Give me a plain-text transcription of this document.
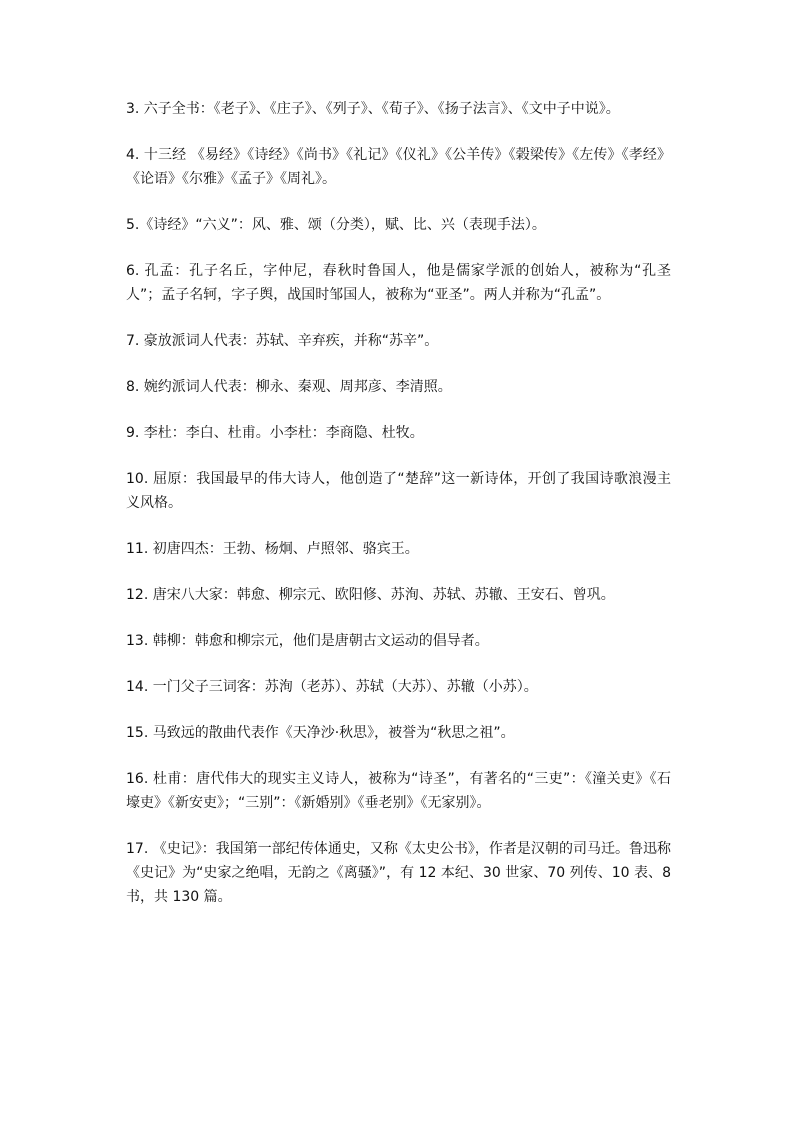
3. 六子全书：《老子》、《庄子》、《列子》、《荀子》、《扬子法言》、《文中子中说》。

4. 十三经 《易经》《诗经》《尚书》《礼记》《仪礼》《公羊传》《榖梁传》《左传》《孝经》《论语》《尔雅》《孟子》《周礼》。

5.《诗经》“六义”：风、雅、颂（分类），赋、比、兴（表现手法）。

6. 孔孟：孔子名丘，字仲尼，春秋时鲁国人，他是儒家学派的创始人，被称为“孔圣人”；孟子名轲，字子舆，战国时邹国人，被称为“亚圣”。两人并称为“孔孟”。

7. 豪放派词人代表：苏轼、辛弃疾，并称“苏辛”。

8. 婉约派词人代表：柳永、秦观、周邦彦、李清照。

9. 李杜：李白、杜甫。小李杜：李商隐、杜牧。

10. 屈原：我国最早的伟大诗人，他创造了“楚辞”这一新诗体，开创了我国诗歌浪漫主义风格。

11. 初唐四杰：王勃、杨炯、卢照邻、骆宾王。

12. 唐宋八大家：韩愈、柳宗元、欧阳修、苏洵、苏轼、苏辙、王安石、曾巩。

13. 韩柳：韩愈和柳宗元，他们是唐朝古文运动的倡导者。

14. 一门父子三词客：苏洵（老苏）、苏轼（大苏）、苏辙（小苏）。

15. 马致远的散曲代表作《天净沙·秋思》，被誉为“秋思之祖”。

16. 杜甫：唐代伟大的现实主义诗人，被称为“诗圣”，有著名的“三吏”：《潼关吏》《石壕吏》《新安吏》；“三别”：《新婚别》《垂老别》《无家别》。

17. 《史记》：我国第一部纪传体通史，又称《太史公书》，作者是汉朝的司马迁。鲁迅称《史记》为“史家之绝唱，无韵之《离骚》”，有 12 本纪、30 世家、70 列传、10 表、8 书，共 130 篇。
